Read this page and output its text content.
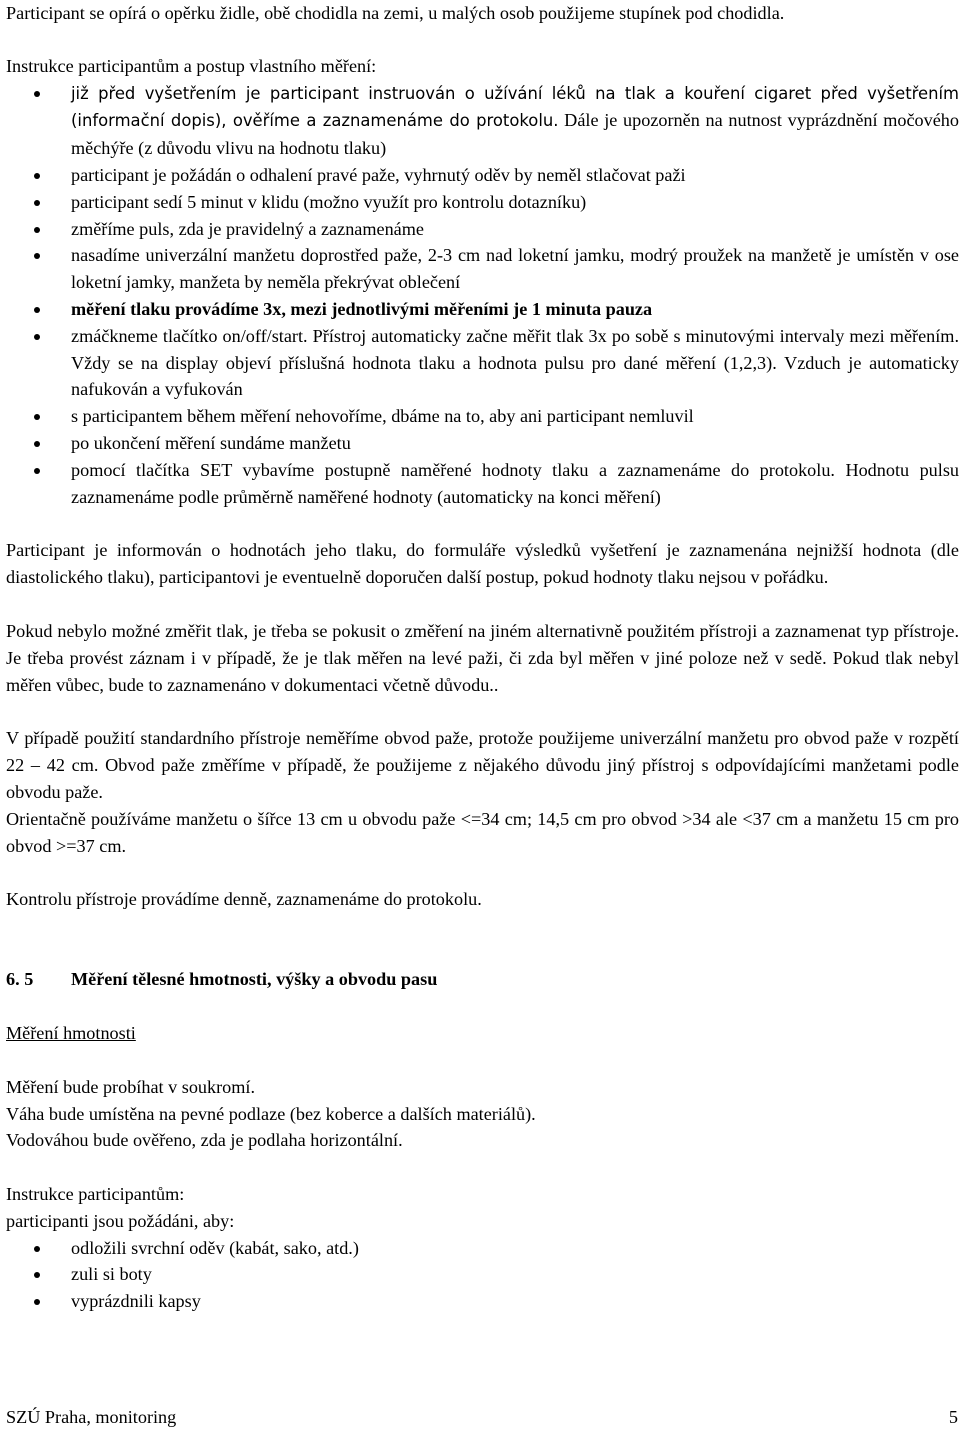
Participant se opírá o opěrku židle, obě chodidla na zemi, u malých osob použijeme stupínek pod chodidla.

Instrukce participantům a postup vlastního měření:

již před vyšetřením je participant instruován o užívání léků na tlak a kouření cigaret před vyšetřením (informační dopis), ověříme a zaznamenáme do protokolu. Dále je upozorněn na nutnost vyprázdnění močového měchýře (z důvodu vlivu na hodnotu tlaku)
participant je požádán o odhalení pravé paže, vyhrnutý oděv by neměl stlačovat paži
participant sedí 5 minut v klidu (možno využít pro kontrolu dotazníku)
změříme puls, zda je pravidelný a zaznamenáme
nasadíme univerzální manžetu doprostřed paže, 2-3 cm nad loketní jamku, modrý proužek na manžetě je umístěn v ose loketní jamky, manžeta by neměla překrývat oblečení
měření tlaku provádíme 3x, mezi jednotlivými měřeními je 1 minuta pauza
zmáčkneme tlačítko on/off/start. Přístroj automaticky začne měřit tlak 3x po sobě s minutovými intervaly mezi měřením. Vždy se na display objeví příslušná hodnota tlaku a hodnota pulsu pro dané měření (1,2,3). Vzduch je automaticky nafukován a vyfukován
s participantem během měření nehovoříme, dbáme na to, aby ani participant nemluvil
po ukončení měření sundáme manžetu
pomocí tlačítka SET vybavíme postupně naměřené hodnoty tlaku a zaznamenáme do protokolu. Hodnotu pulsu zaznamenáme podle průměrně naměřené hodnoty (automaticky na konci měření)

Participant je informován o hodnotách jeho tlaku, do formuláře výsledků vyšetření je zaznamenána nejnižší hodnota (dle diastolického tlaku), participantovi je eventuelně doporučen další postup, pokud hodnoty tlaku nejsou v pořádku.

Pokud nebylo možné změřit tlak, je třeba se pokusit o změření na jiném alternativně použitém přístroji a zaznamenat typ přístroje. Je třeba provést záznam i v případě, že je tlak měřen na levé paži, či zda byl měřen v jiné poloze než v sedě. Pokud tlak nebyl měřen vůbec, bude to zaznamenáno v dokumentaci včetně důvodu..

V případě použití standardního přístroje neměříme obvod paže, protože použijeme univerzální manžetu pro obvod paže v rozpětí 22 – 42 cm. Obvod paže změříme v případě, že použijeme z nějakého důvodu jiný přístroj s odpovídajícími manžetami podle obvodu paže.

Orientačně používáme manžetu o šířce 13 cm u obvodu paže <=34 cm; 14,5 cm pro obvod >34 ale <37 cm a manžetu 15 cm pro obvod >=37 cm.

Kontrolu přístroje provádíme denně, zaznamenáme do protokolu.

6. 5	Měření tělesné hmotnosti, výšky a obvodu pasu

Měření hmotnosti

Měření bude probíhat v soukromí.

Váha bude umístěna na pevné podlaze (bez koberce a dalších materiálů).

Vodováhou bude ověřeno, zda je podlaha horizontální.

Instrukce participantům:

participanti jsou požádáni, aby:

odložili svrchní oděv (kabát, sako, atd.)
zuli si boty
vyprázdnili kapsy
SZÚ Praha, monitoring	5
